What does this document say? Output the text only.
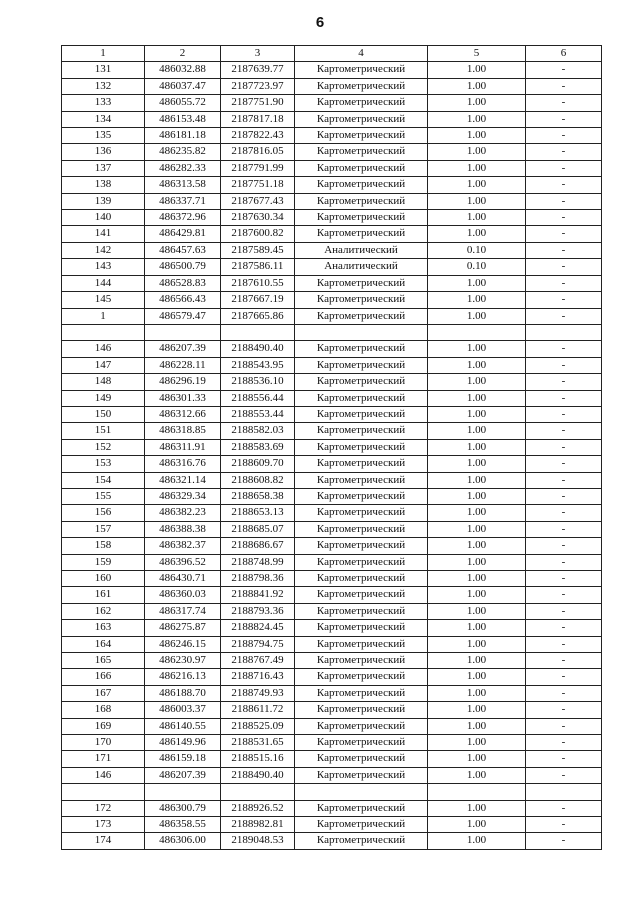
6
1	2	3	4	5	6
131	486032.88	2187639.77	Картометрический	1.00	-
132	486037.47	2187723.97	Картометрический	1.00	-
133	486055.72	2187751.90	Картометрический	1.00	-
134	486153.48	2187817.18	Картометрический	1.00	-
135	486181.18	2187822.43	Картометрический	1.00	-
136	486235.82	2187816.05	Картометрический	1.00	-
137	486282.33	2187791.99	Картометрический	1.00	-
138	486313.58	2187751.18	Картометрический	1.00	-
139	486337.71	2187677.43	Картометрический	1.00	-
140	486372.96	2187630.34	Картометрический	1.00	-
141	486429.81	2187600.82	Картометрический	1.00	-
142	486457.63	2187589.45	Аналитический	0.10	-
143	486500.79	2187586.11	Аналитический	0.10	-
144	486528.83	2187610.55	Картометрический	1.00	-
145	486566.43	2187667.19	Картометрический	1.00	-
1	486579.47	2187665.86	Картометрический	1.00	-

146	486207.39	2188490.40	Картометрический	1.00	-
147	486228.11	2188543.95	Картометрический	1.00	-
148	486296.19	2188536.10	Картометрический	1.00	-
149	486301.33	2188556.44	Картометрический	1.00	-
150	486312.66	2188553.44	Картометрический	1.00	-
151	486318.85	2188582.03	Картометрический	1.00	-
152	486311.91	2188583.69	Картометрический	1.00	-
153	486316.76	2188609.70	Картометрический	1.00	-
154	486321.14	2188608.82	Картометрический	1.00	-
155	486329.34	2188658.38	Картометрический	1.00	-
156	486382.23	2188653.13	Картометрический	1.00	-
157	486388.38	2188685.07	Картометрический	1.00	-
158	486382.37	2188686.67	Картометрический	1.00	-
159	486396.52	2188748.99	Картометрический	1.00	-
160	486430.71	2188798.36	Картометрический	1.00	-
161	486360.03	2188841.92	Картометрический	1.00	-
162	486317.74	2188793.36	Картометрический	1.00	-
163	486275.87	2188824.45	Картометрический	1.00	-
164	486246.15	2188794.75	Картометрический	1.00	-
165	486230.97	2188767.49	Картометрический	1.00	-
166	486216.13	2188716.43	Картометрический	1.00	-
167	486188.70	2188749.93	Картометрический	1.00	-
168	486003.37	2188611.72	Картометрический	1.00	-
169	486140.55	2188525.09	Картометрический	1.00	-
170	486149.96	2188531.65	Картометрический	1.00	-
171	486159.18	2188515.16	Картометрический	1.00	-
146	486207.39	2188490.40	Картометрический	1.00	-

172	486300.79	2188926.52	Картометрический	1.00	-
173	486358.55	2188982.81	Картометрический	1.00	-
174	486306.00	2189048.53	Картометрический	1.00	-
